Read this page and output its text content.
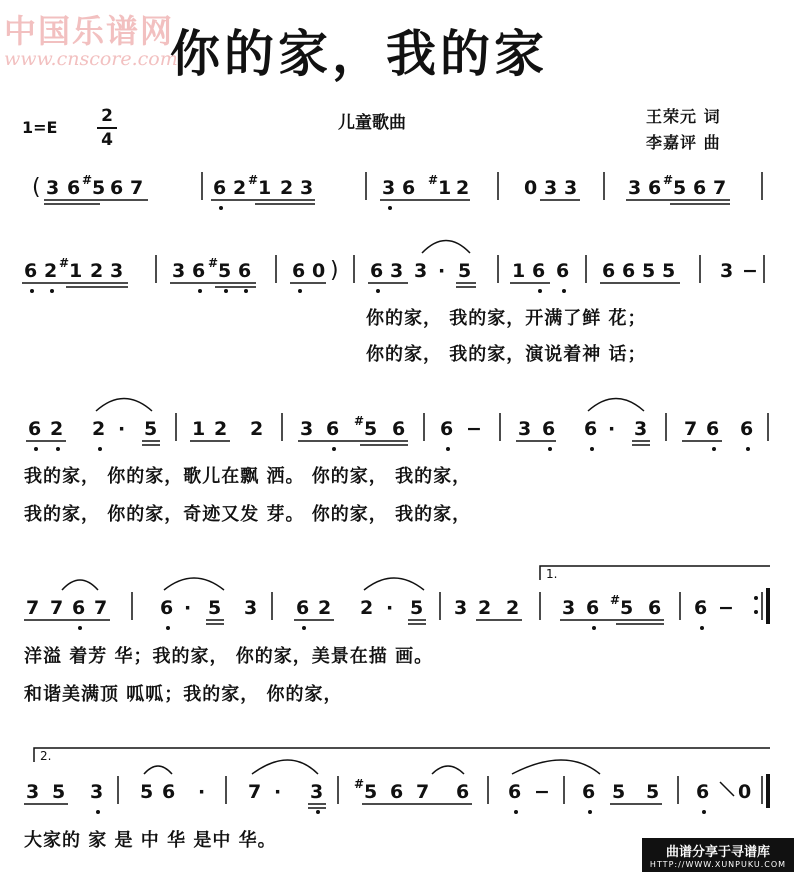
中国乐谱网
www.cnscore.com
你的家，我的家
1=E
2
4
儿童歌曲	王荣元 词
李嘉评 曲
( 3 6 # 5 6 7	6 2 # 1 2 3	3 6 # 1 2	0 3 3	3 6 # 5 6 7
6 2 # 1 2 3	3 6 # 5 6 6 0 ) 6 3 3 · 5 1 6 6 6 6 5 5 3 −
6 2 2 · 5 1 2 2 3 6 # 5 6 6 − 3 6 6 · 3 7 6 6
7 7 6 7	6 · 5 3 6 2 2 · 5 3 2 2 3 6 # 5 6 6 −
3 5 3 5 6 · 7 · 3	# 5 6 7 6 6 − 6 5 5 6 0
1.
2.
你的家， 我的家，开满了鲜 花；
你的家， 我的家，演说着神 话；
我的家， 你的家，歌儿在飘 洒。 你的家， 我的家，
我的家， 你的家，奇迹又发 芽。 你的家， 我的家，
洋溢 着芳 华；我的家， 你的家，美景在描 画。
和谐美满顶 呱呱；我的家， 你的家，
大家的 家 是 中 华 是中 华。
曲谱分享于寻谱库
HTTP://WWW.XUNPUKU.COM
